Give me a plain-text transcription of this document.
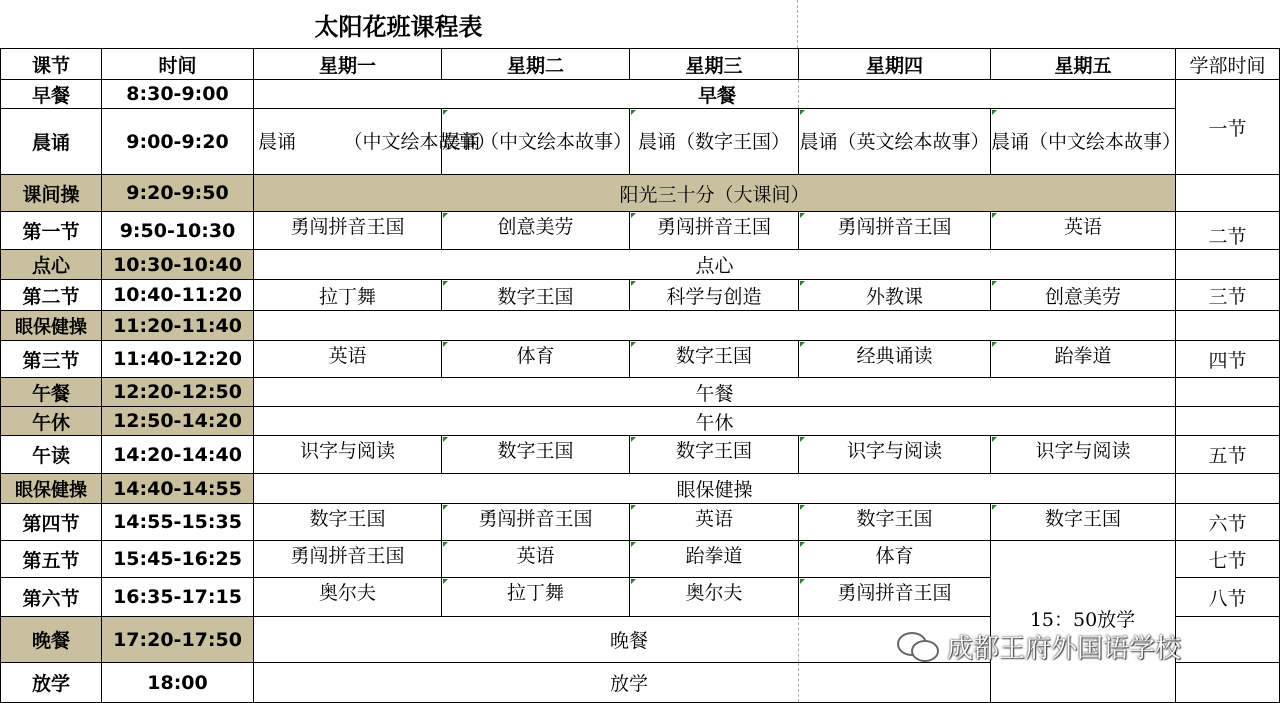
太阳花班课程表
课节	时间	星期一	星期二	星期三	星期四	星期五	学部时间
早餐	8:30-9:00	早餐					一节
晨诵	9:00-9:20	晨诵　　　（中文绘本故事）	晨诵（中文绘本故事）	晨诵（数字王国）	晨诵（英文绘本故事）	晨诵（中文绘本故事）	
课间操	9:20-9:50	阳光三十分（大课间）					
第一节	9:50-10:30	勇闯拼音王国	创意美劳	勇闯拼音王国	勇闯拼音王国	英语	二节
点心	10:30-10:40	点心					
第二节	10:40-11:20	拉丁舞	数字王国	科学与创造	外教课	创意美劳	三节
眼保健操	11:20-11:40						
第三节	11:40-12:20	英语	体育	数字王国	经典诵读	跆拳道	四节
午餐	12:20-12:50	午餐					
午休	12:50-14:20	午休					
午读	14:20-14:40	识字与阅读	数字王国	数字王国	识字与阅读	识字与阅读	五节
眼保健操	14:40-14:55	眼保健操					
第四节	14:55-15:35	数字王国	勇闯拼音王国	英语	数字王国	数字王国	六节
第五节	15:45-16:25	勇闯拼音王国	英语	跆拳道	体育		七节
第六节	16:35-17:15	奥尔夫	拉丁舞	奥尔夫	勇闯拼音王国		八节
晚餐	17:20-17:50	晚餐					
放学	18:00	放学					
15：50放学
成都王府外国语学校
